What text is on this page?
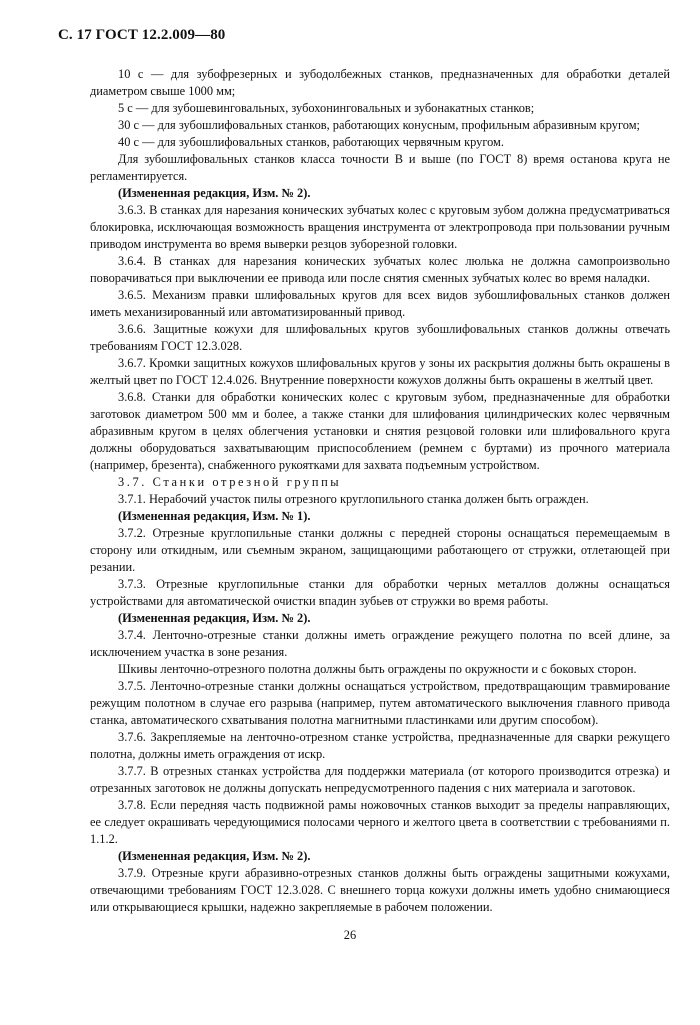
С. 17 ГОСТ 12.2.009—80

10 с — для зубофрезерных и зубодолбежных станков, предназначенных для обработки деталей диаметром свыше 1000 мм;

5 с — для зубошевинговальных, зубохонинговальных и зубонакатных станков;

30 с — для зубошлифовальных станков, работающих конусным, профильным абразивным кругом;

40 с — для зубошлифовальных станков, работающих червячным кругом.

Для зубошлифовальных станков класса точности В и выше (по ГОСТ 8) время останова круга не регламентируется.

(Измененная редакция, Изм. № 2).

3.6.3. В станках для нарезания конических зубчатых колес с круговым зубом должна предусматриваться блокировка, исключающая возможность вращения инструмента от электропровода при пользовании ручным приводом инструмента во время выверки резцов зуборезной головки.

3.6.4. В станках для нарезания конических зубчатых колес люлька не должна самопроизвольно поворачиваться при выключении ее привода или после снятия сменных зубчатых колес во время наладки.

3.6.5. Механизм правки шлифовальных кругов для всех видов зубошлифовальных станков должен иметь механизированный или автоматизированный привод.

3.6.6. Защитные кожухи для шлифовальных кругов зубошлифовальных станков должны отвечать требованиям ГОСТ 12.3.028.

3.6.7. Кромки защитных кожухов шлифовальных кругов у зоны их раскрытия должны быть окрашены в желтый цвет по ГОСТ 12.4.026. Внутренние поверхности кожухов должны быть окрашены в желтый цвет.

3.6.8. Станки для обработки конических колес с круговым зубом, предназначенные для обработки заготовок диаметром 500 мм и более, а также станки для шлифования цилиндрических колес червячным абразивным кругом в целях облегчения установки и снятия резцовой головки или шлифовального круга должны оборудоваться захватывающим приспособлением (ремнем с буртами) из прочного материала (например, брезента), снабженного рукоятками для захвата подъемным устройством.

3.7. Станки отрезной группы

3.7.1. Нерабочий участок пилы отрезного круглопильного станка должен быть огражден.

(Измененная редакция, Изм. № 1).

3.7.2. Отрезные круглопильные станки должны с передней стороны оснащаться перемещаемым в сторону или откидным, или съемным экраном, защищающими работающего от стружки, отлетающей при резании.

3.7.3. Отрезные круглопильные станки для обработки черных металлов должны оснащаться устройствами для автоматической очистки впадин зубьев от стружки во время работы.

(Измененная редакция, Изм. № 2).

3.7.4. Ленточно-отрезные станки должны иметь ограждение режущего полотна по всей длине, за исключением участка в зоне резания.

Шкивы ленточно-отрезного полотна должны быть ограждены по окружности и с боковых сторон.

3.7.5. Ленточно-отрезные станки должны оснащаться устройством, предотвращающим травмирование режущим полотном в случае его разрыва (например, путем автоматического выключения главного привода станка, автоматического схватывания полотна магнитными пластинками или другим способом).

3.7.6. Закрепляемые на ленточно-отрезном станке устройства, предназначенные для сварки режущего полотна, должны иметь ограждения от искр.

3.7.7. В отрезных станках устройства для поддержки материала (от которого производится отрезка) и отрезанных заготовок не должны допускать непредусмотренного падения с них материала и заготовок.

3.7.8. Если передняя часть подвижной рамы ножовочных станков выходит за пределы направляющих, ее следует окрашивать чередующимися полосами черного и желтого цвета в соответствии с требованиями п. 1.1.2.

(Измененная редакция, Изм. № 2).

3.7.9. Отрезные круги абразивно-отрезных станков должны быть ограждены защитными кожухами, отвечающими требованиям ГОСТ 12.3.028. С внешнего торца кожухи должны иметь удобно снимающиеся или открывающиеся крышки, надежно закрепляемые в рабочем положении.

26
